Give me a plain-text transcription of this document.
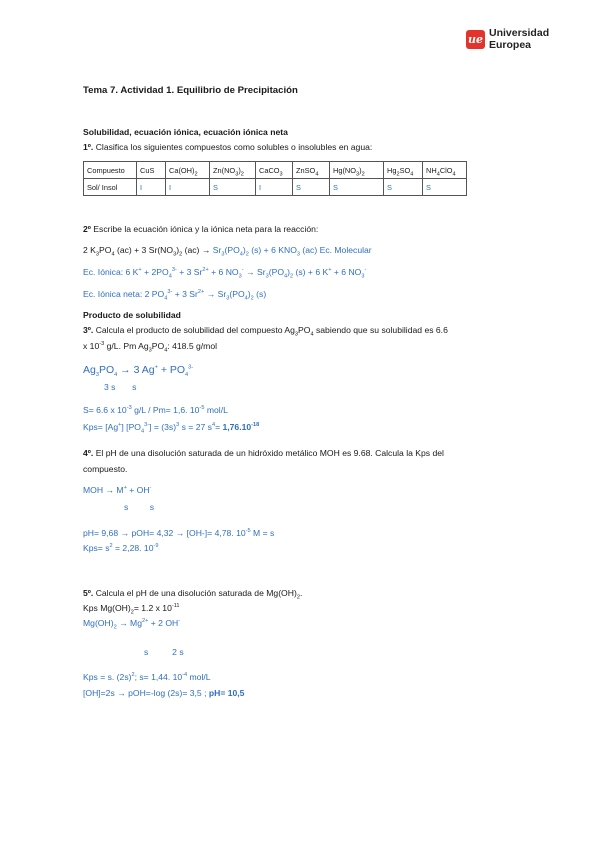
ue Universidad
Europea
Tema 7. Actividad 1. Equilibrio de Precipitación
Solubilidad, ecuación iónica, ecuación iónica neta
1º. Clasifica los siguientes compuestos como solubles o insolubles en agua:
Compuesto	CuS	$Ca(OH)_2$	$Zn(NO_3)_2$	CaCO$_3$	ZnSO$_4$	$Hg(NO_3)_2$	$Hg_2SO_4$	$NH_4ClO_4$
Sol/ Insol	I	I	S	I	S	S	S	S
2º Escribe la ecuación iónica y la iónica neta para la reacción:
2 $K_3PO_4$ (ac) + 3 $Sr(NO_3)_2$ $(ac) \to Sr_3(PO_4)_2$ (s) + 6 $KNO_3$ (ac) Ec. Molecular
Ec. Iónica: 6 $K^+ + 2PO_4^{3-} + 3$ $Sr^{2+} + 6$ $NO_3^- \to Sr_3(PO_4)_2$ (s) + 6 K+ + 6 $NO_3^-$
Ec. Iónica neta: 2 $PO_4^{3-} + 3$ $Sr^{2+} \to Sr_3(PO_4)_2$ (s)
Producto de solubilidad
3º. Calcula el producto de solubilidad del compuesto $Ag_3PO_4$ sabiendo que su solubilidad es 6.6
x $10^{-3}$ g/L. Pm $Ag_3PO_4$: 418.5 g/mol
$Ag_3PO_4 \to 3$ $Ag^+ + PO_4^{3-}$
3 s       s
S= 6.6 x $10^{-3}$ g/L / Pm= 1,6. $10^{-5}$ mol/L
Kps= [Ag+] $[PO_4^{3-}] = (3s)^3$ s = 27 $s^4= 1,76.10^{-18}$
4º. El pH de una disolución saturada de un hidróxido metálico MOH es 9.68. Calcula la Kps del
compuesto.
MOH → M+ + OH-
s         s
pH= 9,68 → pOH= 4,32 → [OH-]= 4,78. $10^{-5}$ M = s
$Kps= s^2 = 2,28$. $10^{-9}$
5º. Calcula el pH de una disolución saturada de $Mg(OH)_2$.
Kps $Mg(OH)_2= 1.2$ x $10^{-11}$
$Mg(OH)_2 \to Mg^{2+} + 2$ OH-
s          2 s
Kps = s. $(2s)^2$; s= 1,44. $10^{-4}$ mol/L
[OH]=2s → pOH=-log (2s)= 3,5 ; pH= 10,5
